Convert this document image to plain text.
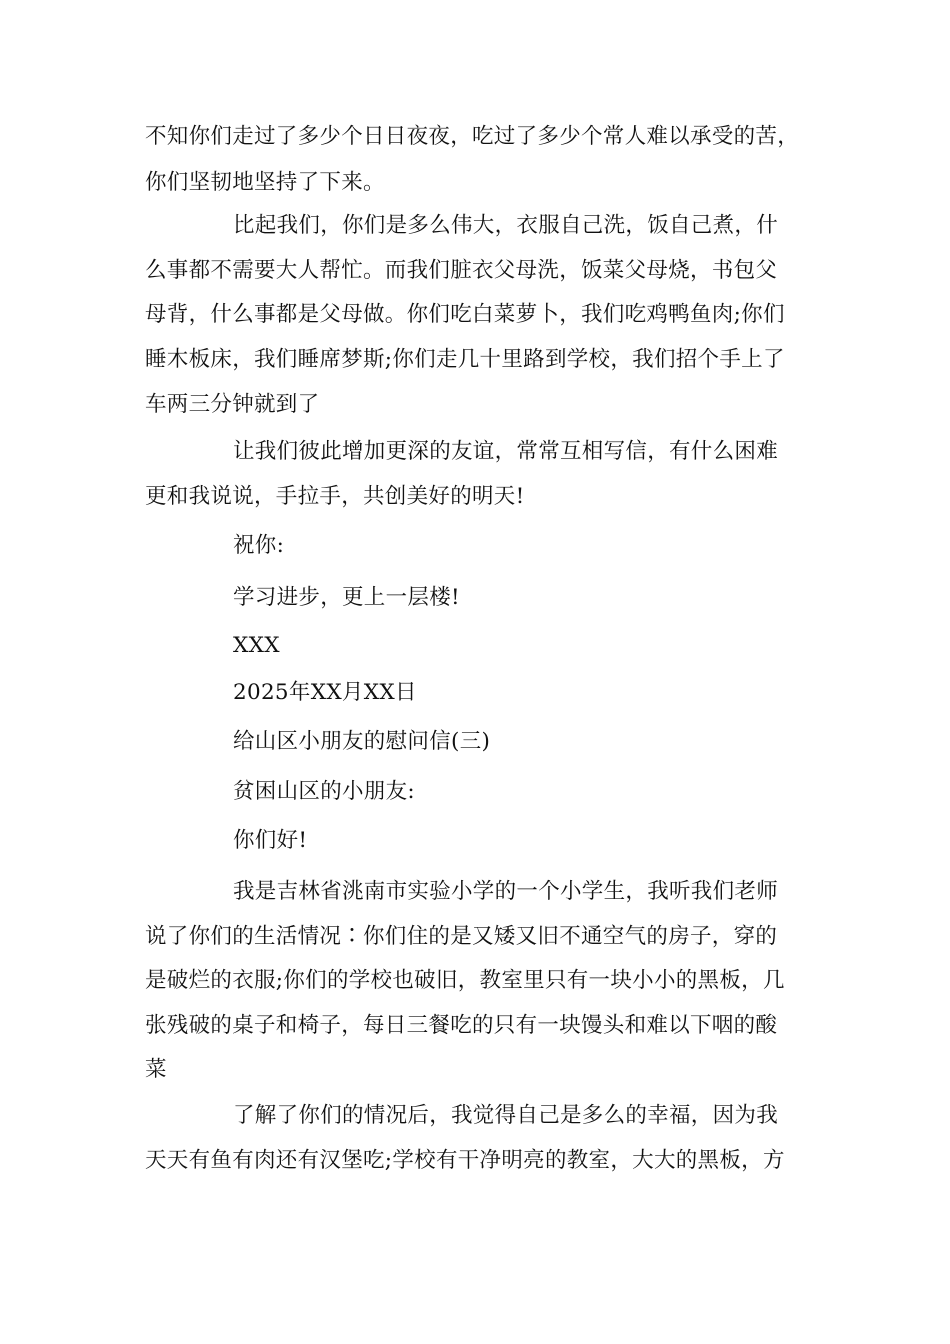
不知你们走过了多少个日日夜夜，吃过了多少个常人难以承受的苦，
你们坚韧地坚持了下来。
比起我们，你们是多么伟大，衣服自己洗，饭自己煮，什
么事都不需要大人帮忙。而我们脏衣父母洗，饭菜父母烧，书包父
母背，什么事都是父母做。你们吃白菜萝卜，我们吃鸡鸭鱼肉;你们
睡木板床，我们睡席梦斯;你们走几十里路到学校，我们招个手上了
车两三分钟就到了
让我们彼此增加更深的友谊，常常互相写信，有什么困难
更和我说说，手拉手，共创美好的明天!
祝你:
学习进步，更上一层楼!
XXX
2025年XX月XX日
给山区小朋友的慰问信(三)
贫困山区的小朋友:
你们好!
我是吉林省洮南市实验小学的一个小学生，我听我们老师
说了你们的生活情况∶你们住的是又矮又旧不通空气的房子，穿的
是破烂的衣服;你们的学校也破旧，教室里只有一块小小的黑板，几
张残破的桌子和椅子，每日三餐吃的只有一块馒头和难以下咽的酸
菜
了解了你们的情况后，我觉得自己是多么的幸福，因为我
天天有鱼有肉还有汉堡吃;学校有干净明亮的教室，大大的黑板，方
